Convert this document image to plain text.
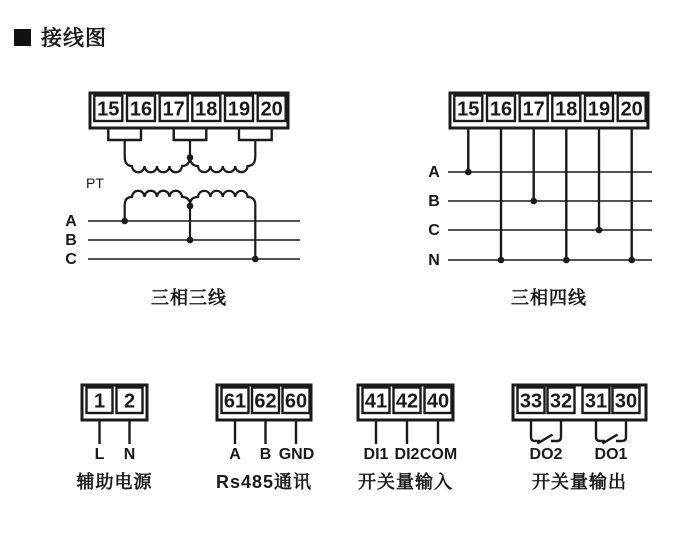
接线图
15 16 17 18 19 20
PT
A
B
C
三相三线
15 16 17 18 19 20
A
B
C
N
三相四线
1 2
L N
辅助电源
61 62 60
A B GND
Rs485通讯
41 42 40
DI1 DI2 COM
开关量输入
33 32 31 30
DO2 DO1
开关量输出
